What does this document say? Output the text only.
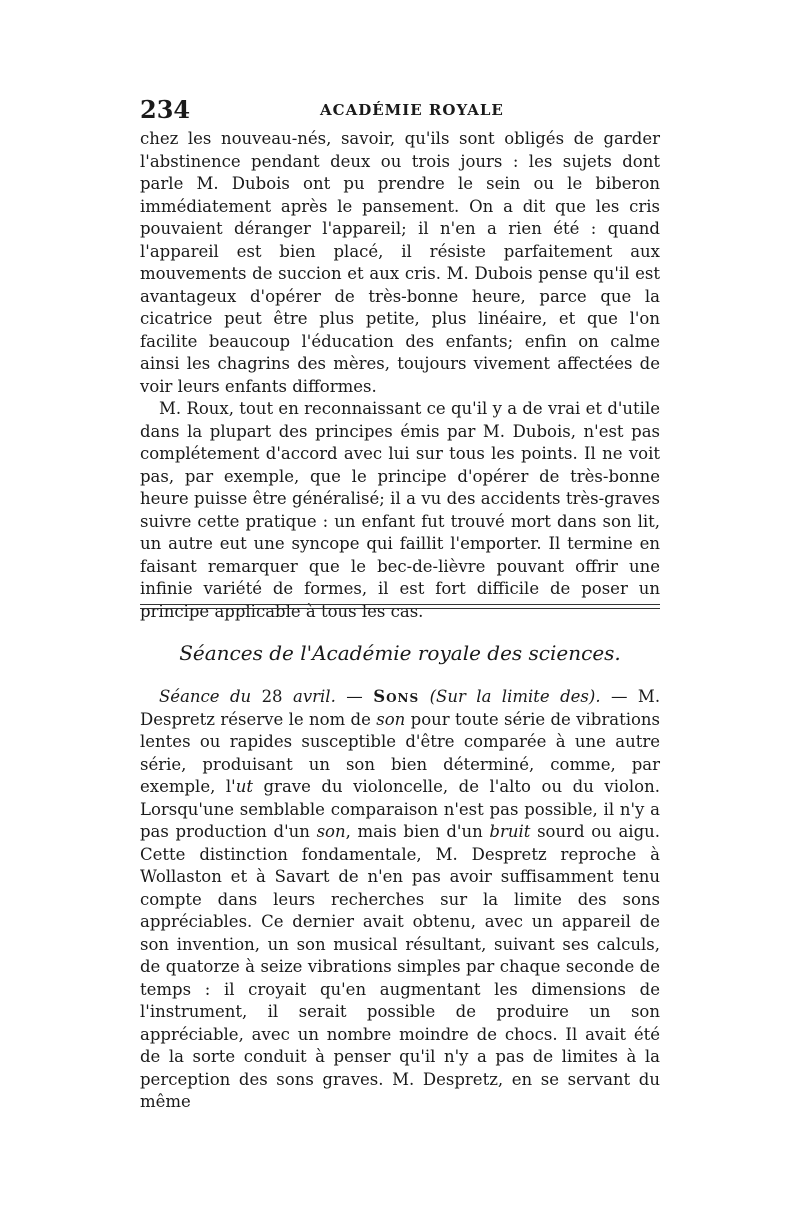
234	ACADÉMIE ROYALE

chez les nouveau-nés, savoir, qu'ils sont obligés de garder l'abstinence pendant deux ou trois jours : les sujets dont parle M. Dubois ont pu prendre le sein ou le biberon immédiatement après le pansement. On a dit que les cris pouvaient déranger l'appareil; il n'en a rien été : quand l'appareil est bien placé, il résiste parfaitement aux mouvements de succion et aux cris. M. Dubois pense qu'il est avantageux d'opérer de très-bonne heure, parce que la cicatrice peut être plus petite, plus linéaire, et que l'on facilite beaucoup l'éducation des enfants; enfin on calme ainsi les chagrins des mères, toujours vivement affectées de voir leurs enfants difformes.

M. Roux, tout en reconnaissant ce qu'il y a de vrai et d'utile dans la plupart des principes émis par M. Dubois, n'est pas complétement d'accord avec lui sur tous les points. Il ne voit pas, par exemple, que le principe d'opérer de très-bonne heure puisse être généralisé; il a vu des accidents très-graves suivre cette pratique : un enfant fut trouvé mort dans son lit, un autre eut une syncope qui faillit l'emporter. Il termine en faisant remarquer que le bec-de-lièvre pouvant offrir une infinie variété de formes, il est fort difficile de poser un principe applicable à tous les cas.

Séances de l'Académie royale des sciences.

Séance du 28 avril. — Sons (Sur la limite des). — M. Despretz réserve le nom de son pour toute série de vibrations lentes ou rapides susceptible d'être comparée à une autre série, produisant un son bien déterminé, comme, par exemple, l'ut grave du violoncelle, de l'alto ou du violon. Lorsqu'une semblable comparaison n'est pas possible, il n'y a pas production d'un son, mais bien d'un bruit sourd ou aigu. Cette distinction fondamentale, M. Despretz reproche à Wollaston et à Savart de n'en pas avoir suffisamment tenu compte dans leurs recherches sur la limite des sons appréciables. Ce dernier avait obtenu, avec un appareil de son invention, un son musical résultant, suivant ses calculs, de quatorze à seize vibrations simples par chaque seconde de temps : il croyait qu'en augmentant les dimensions de l'instrument, il serait possible de produire un son appréciable, avec un nombre moindre de chocs. Il avait été de la sorte conduit à penser qu'il n'y a pas de limites à la perception des sons graves. M. Despretz, en se servant du même
